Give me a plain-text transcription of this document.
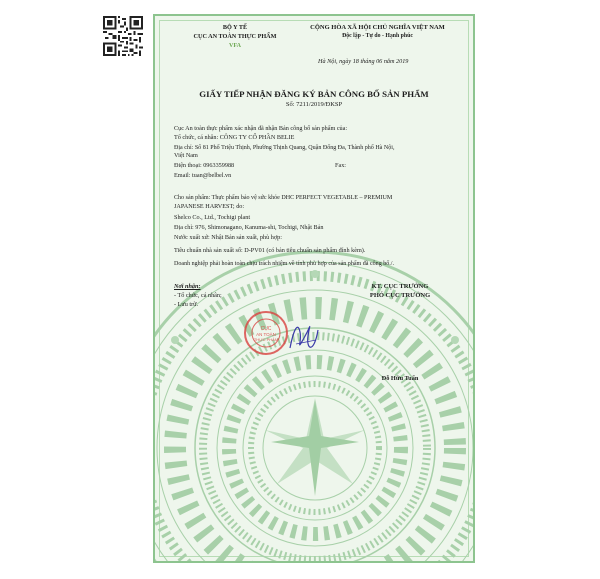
BỘ Y TẾ
CỤC AN TOÀN THỰC PHẨM
VFA
CỘNG HÒA XÃ HỘI CHỦ NGHĨA VIỆT NAM
Độc lập - Tự do - Hạnh phúc
Hà Nội, ngày 18 tháng 06 năm 2019
GIẤY TIẾP NHẬN ĐĂNG KÝ BẢN CÔNG BỐ SẢN PHẨM
Số: 7211/2019/ĐKSP
Cục An toàn thực phẩm xác nhận đã nhận Bản công bố sản phẩm của:
Tổ chức, cá nhân: CÔNG TY CỔ PHẦN BELIE
Địa chỉ: Số 81 Phố Triệu Thịnh, Phường Thịnh Quang, Quận Đống Đa, Thành phố Hà Nội,
Việt Nam
Điện thoại: 0963359988	Fax:
Email: tuan@belbel.vn
Cho sản phẩm: Thực phẩm bảo vệ sức khỏe DHC PERFECT VEGETABLE – PREMIUM
JAPANESE HARVEST; do:
Shelco Co., Ltd., Tochigi plant
Địa chỉ: 976, Shimonagano, Kanuma-shi, Tochigi, Nhật Bản
Nước xuất xứ: Nhật Bản sản xuất, phù hợp:
Tiêu chuẩn nhà sản xuất số: D-PV01 (có bản tiêu chuẩn sản phẩm đính kèm).
Doanh nghiệp phải hoàn toàn chịu trách nhiệm về tính phù hợp của sản phẩm đã công bố./.
Nơi nhận:
- Tổ chức, cá nhân;
- Lưu trữ.
KT. CỤC TRƯỞNG
PHÓ CỤC TRƯỞNG
Đỗ Hữu Tuấn
CỤC
AN TOÀN
THỰC PHẨM
